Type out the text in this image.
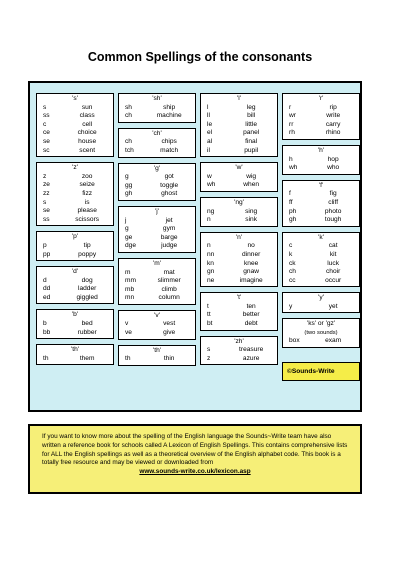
Common Spellings of the consonants
's'
s	sun
ss	class
c	cell
ce	choice
se	house
sc	scent
'z'
z	zoo
ze	seize
zz	fizz
s	is
se	please
ss	scissors
'p'
p	tip
pp	poppy
'd'
d	dog
dd	ladder
ed	giggled
'b'
b	bed
bb	rubber
'th'
th	them
'sh'
sh	ship
ch	machine
'ch'
ch	chips
tch	match
'g'
g	got
gg	toggle
gh	ghost
'j'
j	jet
g	gym
ge	barge
dge	judge
'm'
m	mat
mm	slimmer
mb	climb
mn	column
'v'
v	vest
ve	give
'th'
th	thin
'l'
l	leg
ll	bill
le	little
el	panel
al	final
il	pupil
'w'
w	wig
wh	when
'ng'
ng	sing
n	sink
'n'
n	no
nn	dinner
kn	knee
gn	gnaw
ne	imagine
't'
t	ten
tt	better
bt	debt
'zh'
s	treasure
z	azure
'r'
r	rip
wr	write
rr	carry
rh	rhino
'h'
h	hop
wh	who
'f'
f	fig
ff	cliff
ph	photo
gh	tough
'k'
c	cat
k	kit
ck	luck
ch	choir
cc	occur
'y'
y	yet
'ks' or 'gz'
(two sounds)
box	exam
©Sounds-Write
If you want to know more about the spelling of the English language the Sounds~Write team have also written a reference book for schools called A Lexicon of English Spellings. This contains comprehensive lists for ALL the English spellings as well as a theoretical overview of the English alphabet code. This book is a totally free resource and may be viewed or downloaded from
www.sounds-write.co.uk/lexicon.asp
